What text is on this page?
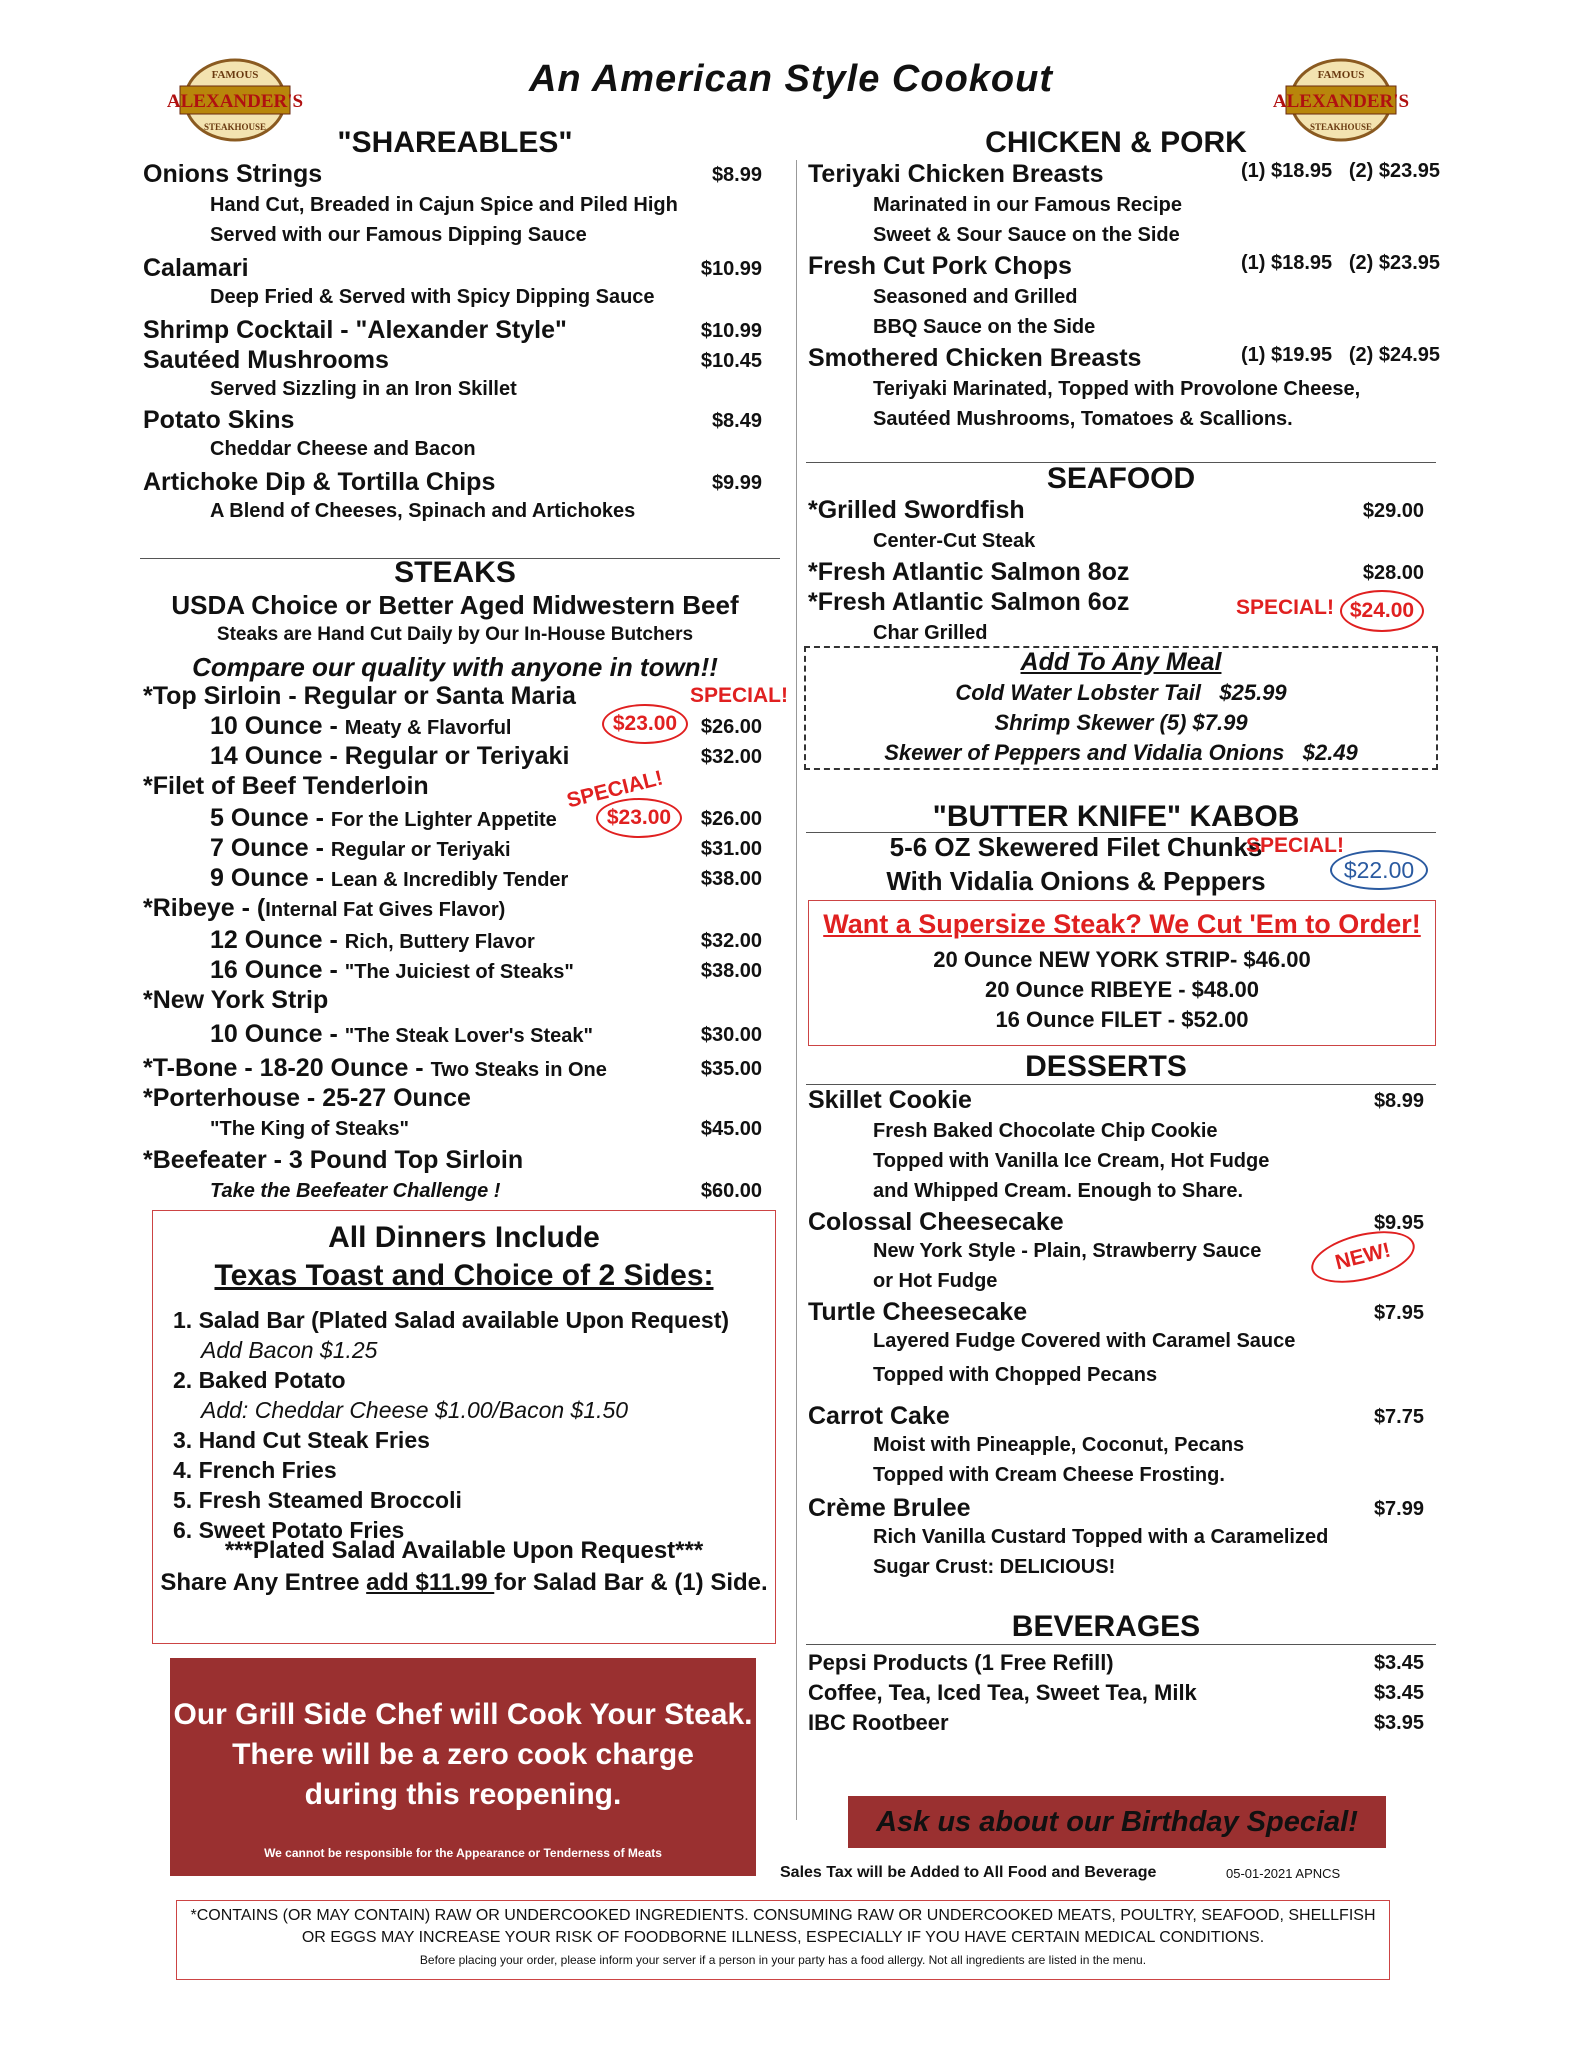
FAMOUS
ALEXANDER'S
STEAKHOUSE
FAMOUS
ALEXANDER'S
STEAKHOUSE
An American Style Cookout
"SHAREABLES"
Onions Strings	$8.99
Hand Cut, Breaded in Cajun Spice and Piled High
Served with our Famous Dipping Sauce
Calamari	$10.99
Deep Fried & Served with Spicy Dipping Sauce
Shrimp Cocktail - "Alexander Style"	$10.99
Sautéed Mushrooms	$10.45
Served Sizzling in an Iron Skillet
Potato Skins	$8.49
Cheddar Cheese and Bacon
Artichoke Dip & Tortilla Chips	$9.99
A Blend of Cheeses, Spinach and Artichokes
STEAKS
USDA Choice or Better Aged Midwestern Beef
Steaks are Hand Cut Daily by Our In-House Butchers
Compare our quality with anyone in town!!
*Top Sirloin - Regular or Santa Maria	SPECIAL!
10 Ounce - Meaty & Flavorful	$23.00	$26.00
14 Ounce - Regular or Teriyaki	$32.00
*Filet of Beef Tenderloin	SPECIAL!
5 Ounce - For the Lighter Appetite	$23.00	$26.00
7 Ounce - Regular or Teriyaki	$31.00
9 Ounce - Lean & Incredibly Tender	$38.00
*Ribeye - (Internal Fat Gives Flavor)
12 Ounce - Rich, Buttery Flavor	$32.00
16 Ounce - "The Juiciest of Steaks"	$38.00
*New York Strip
10 Ounce - "The Steak Lover's Steak"	$30.00
*T-Bone - 18-20 Ounce - Two Steaks in One	$35.00
*Porterhouse - 25-27 Ounce
"The King of Steaks"	$45.00
*Beefeater - 3 Pound Top Sirloin
Take the Beefeater Challenge !	$60.00
All Dinners Include
Texas Toast and Choice of 2 Sides:
1. Salad Bar (Plated Salad available Upon Request)
Add Bacon $1.25
2. Baked Potato
Add: Cheddar Cheese $1.00/Bacon $1.50
3. Hand Cut Steak Fries
4. French Fries
5. Fresh Steamed Broccoli
6. Sweet Potato Fries
***Plated Salad Available Upon Request***
Share Any Entree add $11.99 for Salad Bar & (1) Side.
Our Grill Side Chef will Cook Your Steak.
There will be a zero cook charge
during this reopening.
We cannot be responsible for the Appearance or Tenderness of Meats
CHICKEN & PORK
Teriyaki Chicken Breasts	(1) $18.95   (2) $23.95
Marinated in our Famous Recipe
Sweet & Sour Sauce on the Side
Fresh Cut Pork Chops	(1) $18.95   (2) $23.95
Seasoned and Grilled
BBQ Sauce on the Side
Smothered Chicken Breasts	(1) $19.95   (2) $24.95
Teriyaki Marinated, Topped with Provolone Cheese,
Sautéed Mushrooms, Tomatoes & Scallions.
SEAFOOD
*Grilled Swordfish	$29.00
Center-Cut Steak
*Fresh Atlantic Salmon 8oz	$28.00
*Fresh Atlantic Salmon 6oz	SPECIAL! $24.00
Char Grilled
Add To Any Meal
Cold Water Lobster Tail   $25.99
Shrimp Skewer (5) $7.99
Skewer of Peppers and Vidalia Onions   $2.49
"BUTTER KNIFE" KABOB
5-6 OZ Skewered Filet Chunks
SPECIAL!
With Vidalia Onions & Peppers	$22.00
Want a Supersize Steak? We Cut 'Em to Order!
20 Ounce NEW YORK STRIP- $46.00
20 Ounce RIBEYE - $48.00
16 Ounce FILET - $52.00
DESSERTS
Skillet Cookie	$8.99
Fresh Baked Chocolate Chip Cookie
Topped with Vanilla Ice Cream, Hot Fudge
and Whipped Cream. Enough to Share.
Colossal Cheesecake	$9.95
New York Style - Plain, Strawberry Sauce
or Hot Fudge
Turtle Cheesecake	$7.95
Layered Fudge Covered with Caramel Sauce
Topped with Chopped Pecans
Carrot Cake	$7.75
Moist with Pineapple, Coconut, Pecans
Topped with Cream Cheese Frosting.
Crème Brulee	$7.99
Rich Vanilla Custard Topped with a Caramelized
Sugar Crust: DELICIOUS!
NEW!
BEVERAGES
Pepsi Products (1 Free Refill)	$3.45
Coffee, Tea, Iced Tea, Sweet Tea, Milk	$3.45
IBC Rootbeer	$3.95
Ask us about our Birthday Special!
Sales Tax will be Added to All Food and Beverage	05-01-2021 APNCS
*CONTAINS (OR MAY CONTAIN) RAW OR UNDERCOOKED INGREDIENTS. CONSUMING RAW OR UNDERCOOKED MEATS, POULTRY, SEAFOOD, SHELLFISH
OR EGGS MAY INCREASE YOUR RISK OF FOODBORNE ILLNESS, ESPECIALLY IF YOU HAVE CERTAIN MEDICAL CONDITIONS.
Before placing your order, please inform your server if a person in your party has a food allergy. Not all ingredients are listed in the menu.
